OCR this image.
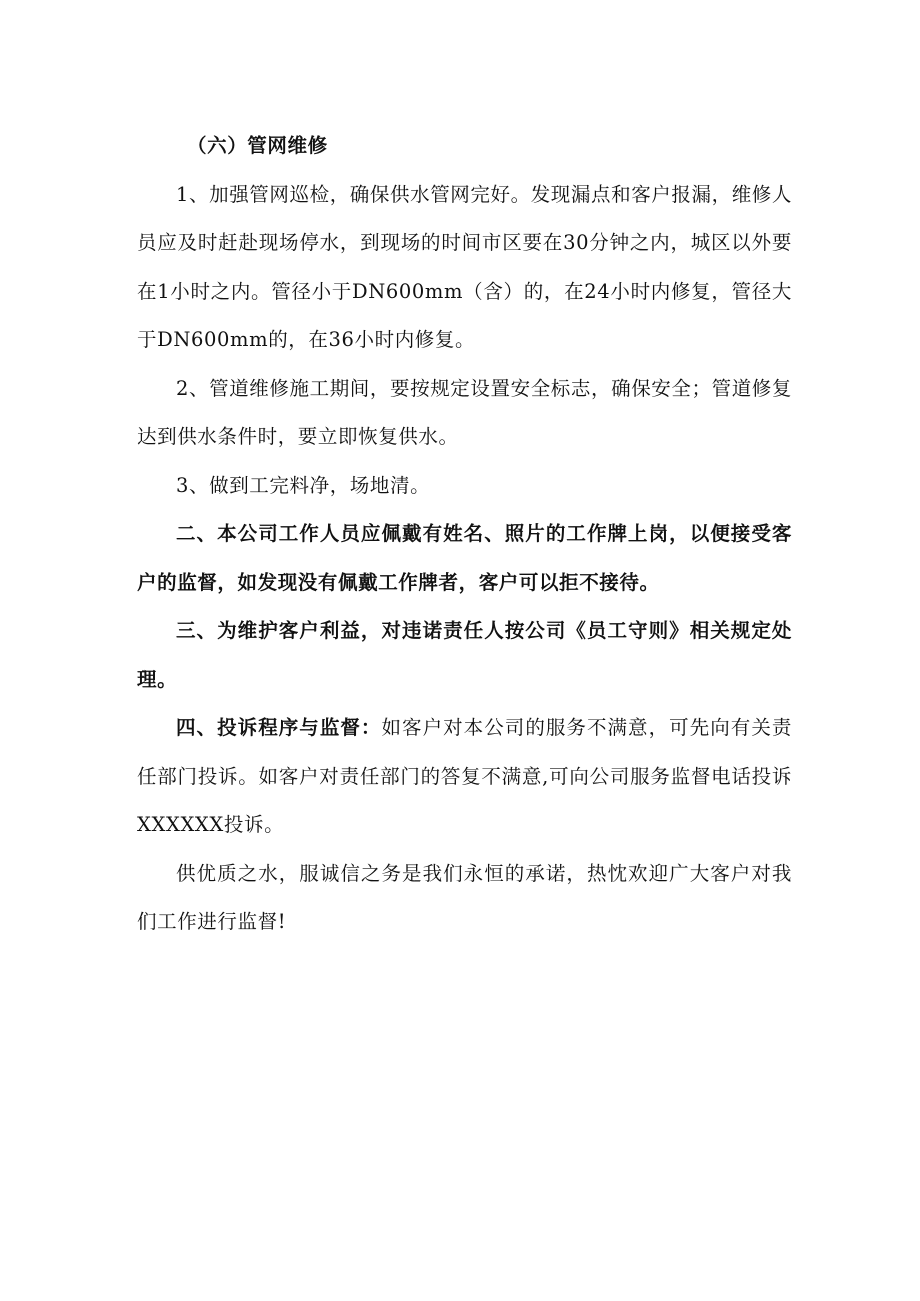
（六）管网维修

1、加强管网巡检，确保供水管网完好。发现漏点和客户报漏，维修人员应及时赶赴现场停水，到现场的时间市区要在30分钟之内，城区以外要在1小时之内。管径小于DN600mm（含）的，在24小时内修复，管径大于DN600mm的，在36小时内修复。

2、管道维修施工期间，要按规定设置安全标志，确保安全；管道修复达到供水条件时，要立即恢复供水。

3、做到工完料净，场地清。

二、本公司工作人员应佩戴有姓名、照片的工作牌上岗，以便接受客户的监督，如发现没有佩戴工作牌者，客户可以拒不接待。

三、为维护客户利益，对违诺责任人按公司《员工守则》相关规定处理。

四、投诉程序与监督：如客户对本公司的服务不满意，可先向有关责任部门投诉。如客户对责任部门的答复不满意,可向公司服务监督电话投诉XXXXXX投诉。

供优质之水，服诚信之务是我们永恒的承诺，热忱欢迎广大客户对我们工作进行监督!
